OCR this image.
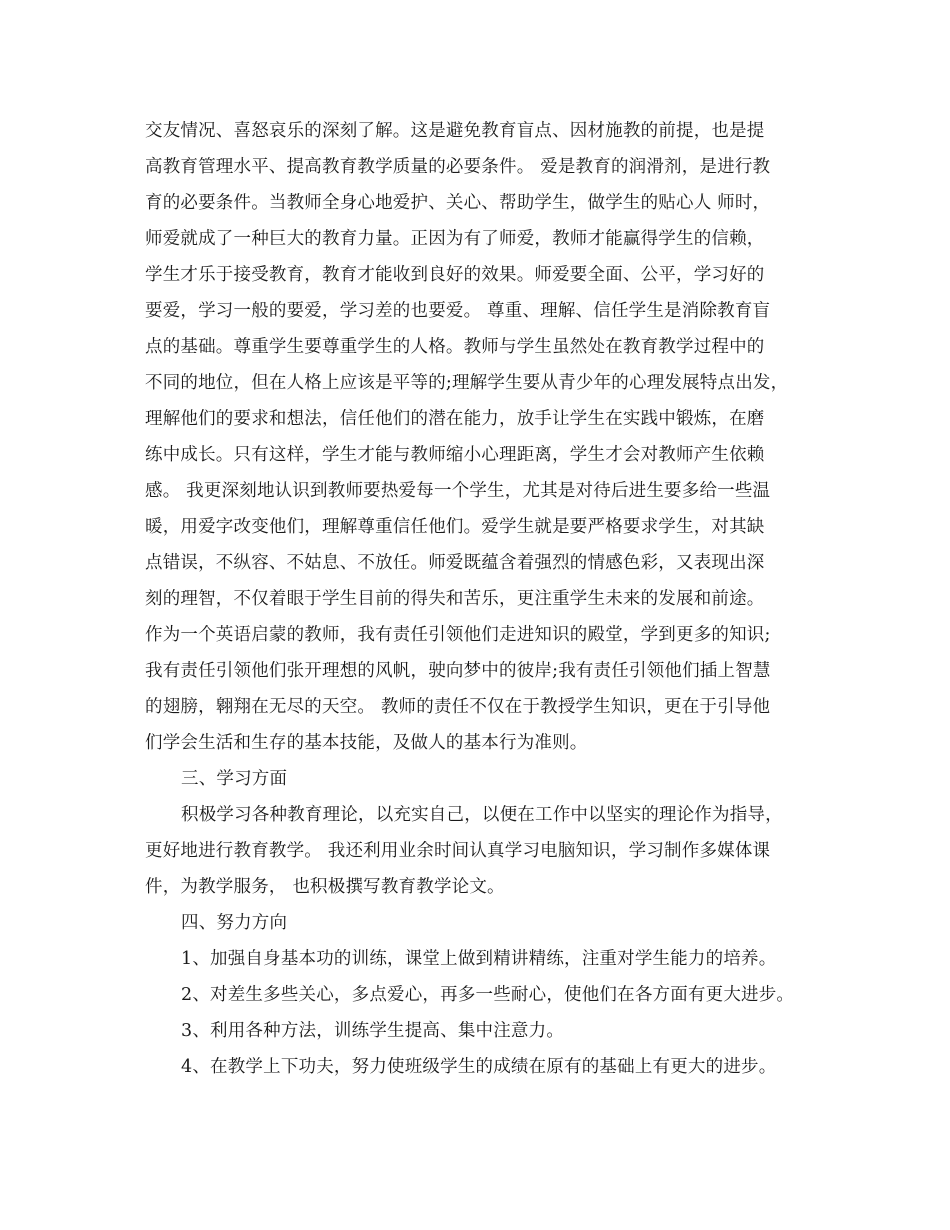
交友情况、喜怒哀乐的深刻了解。这是避免教育盲点、因材施教的前提，也是提
高教育管理水平、提高教育教学质量的必要条件。 爱是教育的润滑剂，是进行教
育的必要条件。当教师全身心地爱护、关心、帮助学生，做学生的贴心人 师时，
师爱就成了一种巨大的教育力量。正因为有了师爱，教师才能赢得学生的信赖，
学生才乐于接受教育，教育才能收到良好的效果。师爱要全面、公平，学习好的
要爱，学习一般的要爱，学习差的也要爱。 尊重、理解、信任学生是消除教育盲
点的基础。尊重学生要尊重学生的人格。教师与学生虽然处在教育教学过程中的
不同的地位，但在人格上应该是平等的;理解学生要从青少年的心理发展特点出发，
理解他们的要求和想法，信任他们的潜在能力，放手让学生在实践中锻炼，在磨
练中成长。只有这样，学生才能与教师缩小心理距离，学生才会对教师产生依赖
感。 我更深刻地认识到教师要热爱每一个学生，尤其是对待后进生要多给一些温
暖，用爱字改变他们，理解尊重信任他们。爱学生就是要严格要求学生，对其缺
点错误，不纵容、不姑息、不放任。师爱既蕴含着强烈的情感色彩，又表现出深
刻的理智，不仅着眼于学生目前的得失和苦乐，更注重学生未来的发展和前途。
作为一个英语启蒙的教师，我有责任引领他们走进知识的殿堂，学到更多的知识;
我有责任引领他们张开理想的风帆，驶向梦中的彼岸;我有责任引领他们插上智慧
的翅膀，翱翔在无尽的天空。 教师的责任不仅在于教授学生知识，更在于引导他
们学会生活和生存的基本技能，及做人的基本行为准则。
三、学习方面
积极学习各种教育理论，以充实自己，以便在工作中以坚实的理论作为指导，
更好地进行教育教学。 我还利用业余时间认真学习电脑知识，学习制作多媒体课
件，为教学服务， 也积极撰写教育教学论文。
四、努力方向
1、加强自身基本功的训练，课堂上做到精讲精练，注重对学生能力的培养。
2、对差生多些关心，多点爱心，再多一些耐心，使他们在各方面有更大进步。
3、利用各种方法，训练学生提高、集中注意力。
4、在教学上下功夫，努力使班级学生的成绩在原有的基础上有更大的进步。
